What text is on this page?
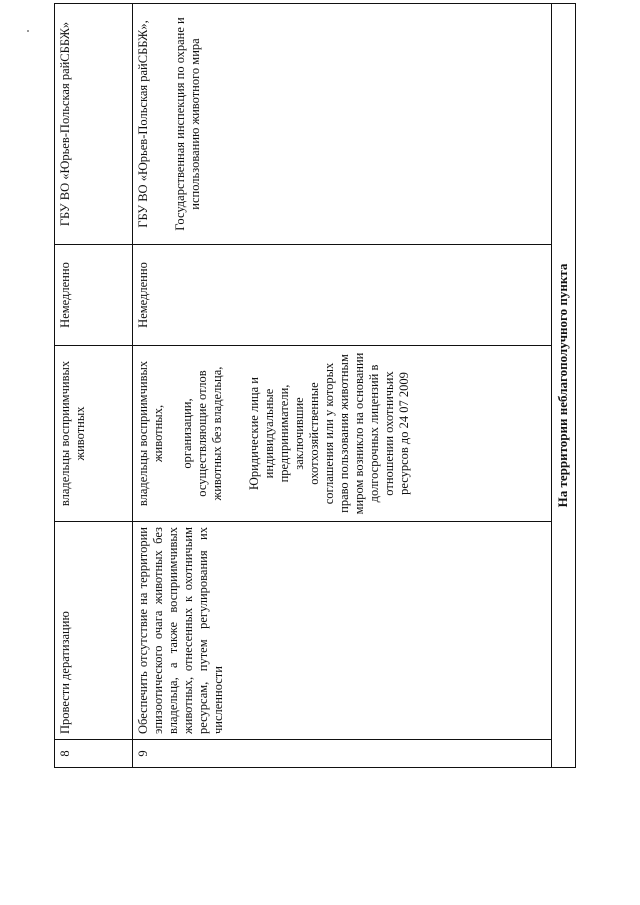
8	Провести дератизацию	владельцы восприимчивых животных	Немедленно	ГБУ ВО «Юрьев-Польская райСББЖ»
9	Обеспечить отсутствие на территории эпизоотического очага животных без владельца, а также восприимчивых животных, отнесенных к охотничьим ресурсам, путем регулирования их численности	владельцы восприимчивых животных, организации, осуществляющие отлов животных без владельца, Юридические лица и индивидуальные предприниматели, заключившие охотхозяйственные соглашения или у которых право пользования животным миром возникло на основании долгосрочных лицензий в отношении охотничьих ресурсов до 24 07 2009	Немедленно	ГБУ ВО «Юрьев-Польская райСББЖ», Государственная инспекция по охране и использованию животного мира

На территории неблагополучного пункта				
